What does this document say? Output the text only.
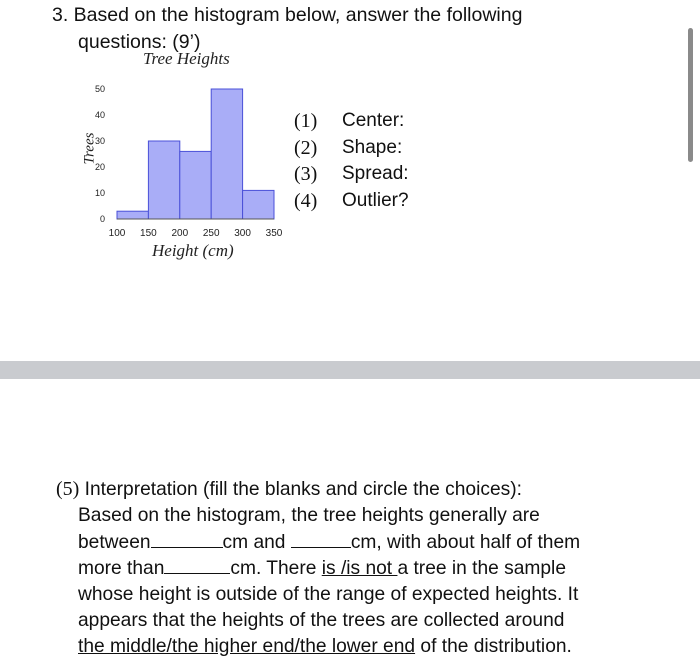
3. Based on the histogram below, answer the following
questions: (9’)
Tree Heights
Trees
0
10
20
30
40
50
100 150 200 250 300 350
Height (cm)
(1)	Center:
(2)	Shape:
(3)	Spread:
(4)	Outlier?
(5) Interpretation (fill the blanks and circle the choices):
Based on the histogram, the tree heights generally are
between	cm and	cm, with about half of them
more than	cm. There is /is not a tree in the sample
whose height is outside of the range of expected heights. It
appears that the heights of the trees are collected around
the middle/the higher end/the lower end of the distribution.
